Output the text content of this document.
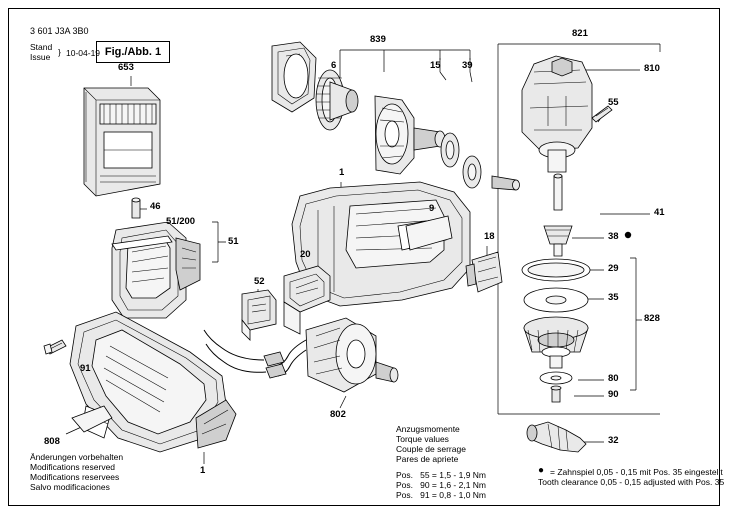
3 601 J3A 3B0
Stand
Issue } 10-04-19 Fig./Abb. 1
Änderungen vorbehalten
Modifications reserved
Modifications reservees
Salvo modificaciones
Anzugsmomente
Torque values
Couple de serrage
Pares de apriete
Pos.   55 = 1,5 - 1,9 Nm
Pos.   90 = 1,6 - 2,1 Nm
Pos.   91 = 0,8 - 1,0 Nm
● = Zahnspiel 0,05 - 0,15 mit Pos. 35 eingestellt
Tooth clearance 0,05 - 0,15 adjusted with Pos. 35
653
839
821
6	15 39	810
55
41
38
29
35
828
80
90
32
1
9
18
20
46
51/200
51
52
91
808
802
1
